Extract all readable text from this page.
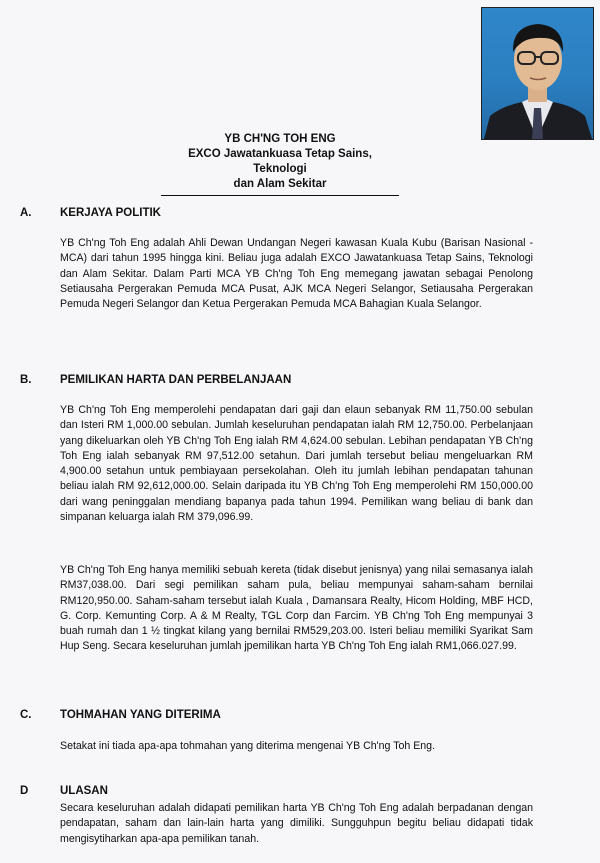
YB CH'NG TOH ENG
EXCO Jawatankuasa Tetap Sains, Teknologi
dan Alam Sekitar
A. KERJAYA POLITIK

YB Ch'ng Toh Eng adalah Ahli Dewan Undangan Negeri kawasan Kuala Kubu (Barisan Nasional - MCA) dari tahun 1995 hingga kini. Beliau juga adalah EXCO Jawatankuasa Tetap Sains, Teknologi dan Alam Sekitar. Dalam Parti MCA YB Ch'ng Toh Eng memegang jawatan sebagai Penolong Setiausaha Pergerakan Pemuda MCA Pusat, AJK MCA Negeri Selangor, Setiausaha Pergerakan Pemuda Negeri Selangor dan Ketua Pergerakan Pemuda MCA Bahagian Kuala Selangor.

B. PEMILIKAN HARTA DAN PERBELANJAAN

YB Ch'ng Toh Eng memperolehi pendapatan dari gaji dan elaun sebanyak RM 11,750.00 sebulan dan Isteri RM 1,000.00 sebulan. Jumlah keseluruhan pendapatan ialah RM 12,750.00. Perbelanjaan yang dikeluarkan oleh YB Ch'ng Toh Eng ialah RM 4,624.00 sebulan. Lebihan pendapatan YB Ch'ng Toh Eng ialah sebanyak RM 97,512.00 setahun. Dari jumlah tersebut beliau mengeluarkan RM 4,900.00 setahun untuk pembiayaan persekolahan. Oleh itu jumlah lebihan pendapatan tahunan beliau ialah RM 92,612,000.00. Selain daripada itu YB Ch'ng Toh Eng memperolehi RM 150,000.00 dari wang peninggalan mendiang bapanya pada tahun 1994. Pemilikan wang beliau di bank dan simpanan keluarga ialah RM 379,096.99.

YB Ch'ng Toh Eng hanya memiliki sebuah kereta (tidak disebut jenisnya) yang nilai semasanya ialah RM37,038.00. Dari segi pemilikan saham pula, beliau mempunyai saham-saham bernilai RM120,950.00. Saham-saham tersebut ialah Kuala , Damansara Realty, Hicom Holding, MBF HCD, G. Corp. Kemunting Corp. A & M Realty, TGL Corp dan Farcim. YB Ch'ng Toh Eng mempunyai 3 buah rumah dan 1 ½ tingkat kilang yang bernilai RM529,203.00. Isteri beliau memiliki Syarikat Sam Hup Seng. Secara keseluruhan jumlah jpemilikan harta YB Ch'ng Toh Eng ialah RM1,066.027.99.

C. TOHMAHAN YANG DITERIMA

Setakat ini tiada apa-apa tohmahan yang diterima mengenai YB Ch'ng Toh Eng.

D	ULASAN

Secara keseluruhan adalah didapati pemilikan harta YB Ch'ng Toh Eng adalah berpadanan dengan pendapatan, saham dan lain-lain harta yang dimiliki. Sungguhpun begitu beliau didapati tidak mengisytiharkan apa-apa pemilikan tanah.
